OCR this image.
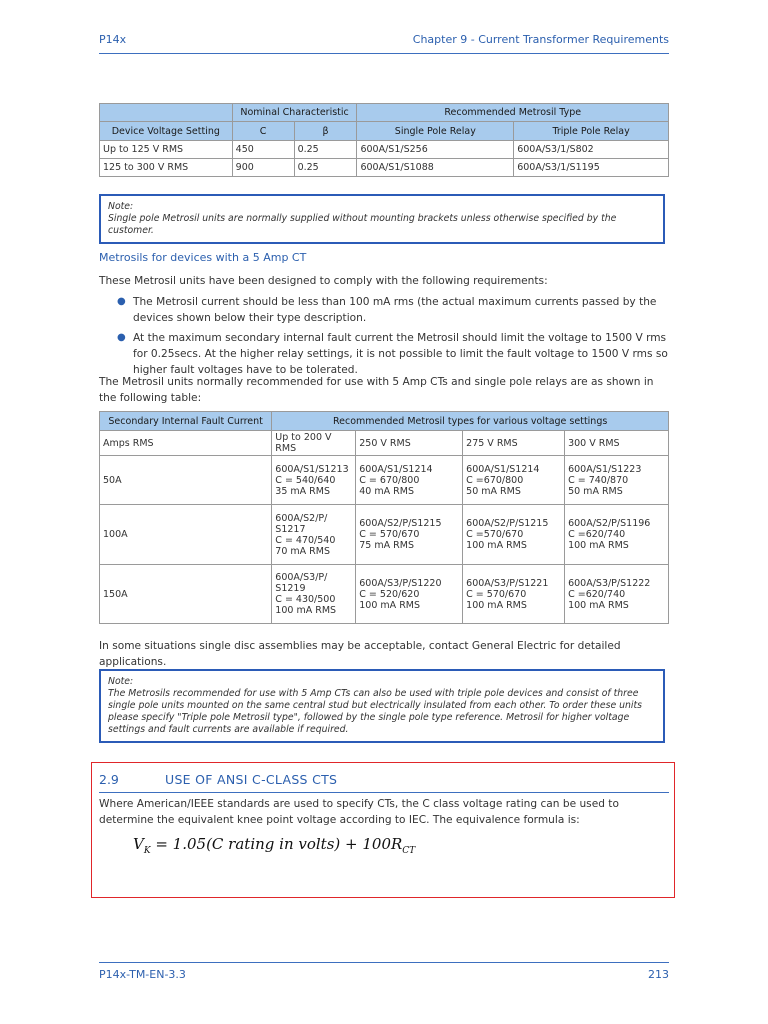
P14x	Chapter 9 - Current Transformer Requirements
	Nominal Characteristic		Recommended Metrosil Type	
Device Voltage Setting	C	β	Single Pole Relay	Triple Pole Relay
Up to 125 V RMS	450	0.25	600A/S1/S256	600A/S3/1/S802
125 to 300 V RMS	900	0.25	600A/S1/S1088	600A/S3/1/S1195
Note:
Single pole Metrosil units are normally supplied without mounting brackets unless otherwise specified by the customer.
Metrosils for devices with a 5 Amp CT
These Metrosil units have been designed to comply with the following requirements:
● The Metrosil current should be less than 100 mA rms (the actual maximum currents passed by the devices shown below their type description.
● At the maximum secondary internal fault current the Metrosil should limit the voltage to 1500 V rms for 0.25secs. At the higher relay settings, it is not possible to limit the fault voltage to 1500 V rms so higher fault voltages have to be tolerated.
The Metrosil units normally recommended for use with 5 Amp CTs and single pole relays are as shown in the following table:
Secondary Internal Fault Current	Recommended Metrosil types for various voltage settings			
Amps RMS	Up to 200 V RMS	250 V RMS	275 V RMS	300 V RMS
50A	600A/S1/S1213
C = 540/640
35 mA RMS	600A/S1/S1214
C = 670/800
40 mA RMS	600A/S1/S1214
C =670/800
50 mA RMS	600A/S1/S1223
C = 740/870
50 mA RMS
100A	600A/S2/P/
S1217
C = 470/540
70 mA RMS	600A/S2/P/S1215
C = 570/670
75 mA RMS	600A/S2/P/S1215
C =570/670
100 mA RMS	600A/S2/P/S1196
C =620/740
100 mA RMS
150A	600A/S3/P/
S1219
C = 430/500
100 mA RMS	600A/S3/P/S1220
C = 520/620
100 mA RMS	600A/S3/P/S1221
C = 570/670
100 mA RMS	600A/S3/P/S1222
C =620/740
100 mA RMS
In some situations single disc assemblies may be acceptable, contact General Electric for detailed applications.
Note:
The Metrosils recommended for use with 5 Amp CTs can also be used with triple pole devices and consist of three single pole units mounted on the same central stud but electrically insulated from each other. To order these units please specify "Triple pole Metrosil type", followed by the single pole type reference. Metrosil for higher voltage settings and fault currents are available if required.
2.9	USE OF ANSI C-CLASS CTS
Where American/IEEE standards are used to specify CTs, the C class voltage rating can be used to determine the equivalent knee point voltage according to IEC. The equivalence formula is:
$V_K = 1.05(C$ rating in volts) + $100R_{CT}$
P14x-TM-EN-3.3	213
